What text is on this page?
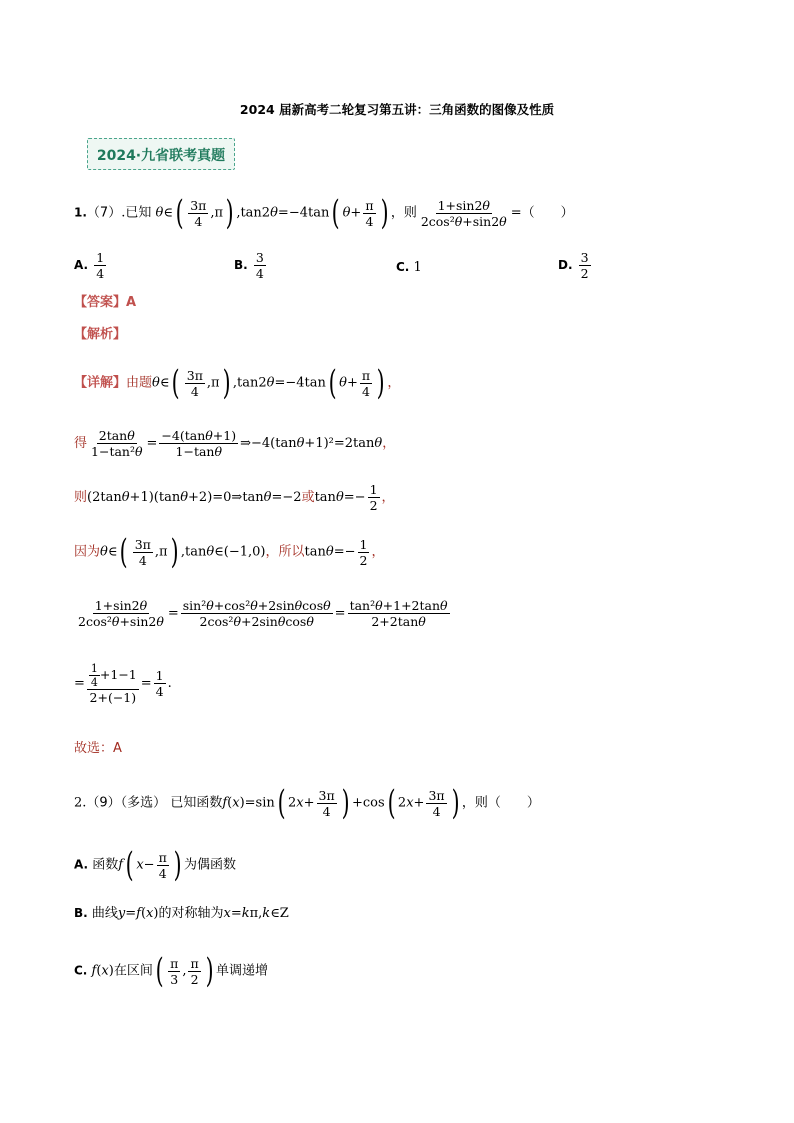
2024 届新高考二轮复习第五讲：三角函数的图像及性质
2024·九省联考真题
1.（7）.已知 θ∈( $\frac{3\pi}{4} ,\pi$) ,tan2θ=−4tan( $\theta+ \frac{\pi}{4}$ ) ，则 $\frac{1+\sin 2\theta}{\text{2cos²θ+sin2θ}}$ =（　　）
A. $\frac{1}{4}$	B. $\frac{3}{4}$	C. 1	D. $\frac{3}{2}$
【答案】A
【解析】
【详解】由题θ∈( $\frac{3\pi}{4} ,\pi$) ,tan2θ=−4tan( $\theta+ \frac{\pi}{4}$ ) ，
得 $\frac{2\tan\theta}{\text{1−tan²θ}} = \frac{-4(\tan\theta+1)}{1-\tan\theta}$ ⇒−4(tanθ+1)²=2tanθ，
则(2tanθ+1)(tanθ+2)=0⇒tanθ=−2或$\tan\theta=- \frac{1}{2}$ ，
因为θ∈( $\frac{3\pi}{4} ,\pi$) ,tanθ∈(−1,0)，所以$\tan\theta=- \frac{1}{2}$ ，
$\frac{1+\sin 2\theta}{\text{2cos²θ+sin2θ}} = \frac{\text{sin²θ+cos²θ+2sinθcosθ}}{\text{2cos²θ+2sinθcosθ}} = \frac{\text{tan²θ+1+2tanθ}}{2+2\tan\theta}$
= $\frac{\frac{1}{4} +1-1}{2+(-1)} = \frac{1}{4}$ .
故选：A
2.（9）（多选） 已知函数f(x)=sin( $2x+ \frac{3\pi}{4}$ ) +cos( $2x+ \frac{3\pi}{4}$ ) ，则（　　）
A. 函数f( $x- \frac{\pi}{4}$ ) 为偶函数
B. 曲线y=f(x)的对称轴为x=kπ,k∈Z
C. f(x)在区间( $\frac{\pi}{3}$ , $\frac{\pi}{2}$ ) 单调递增
